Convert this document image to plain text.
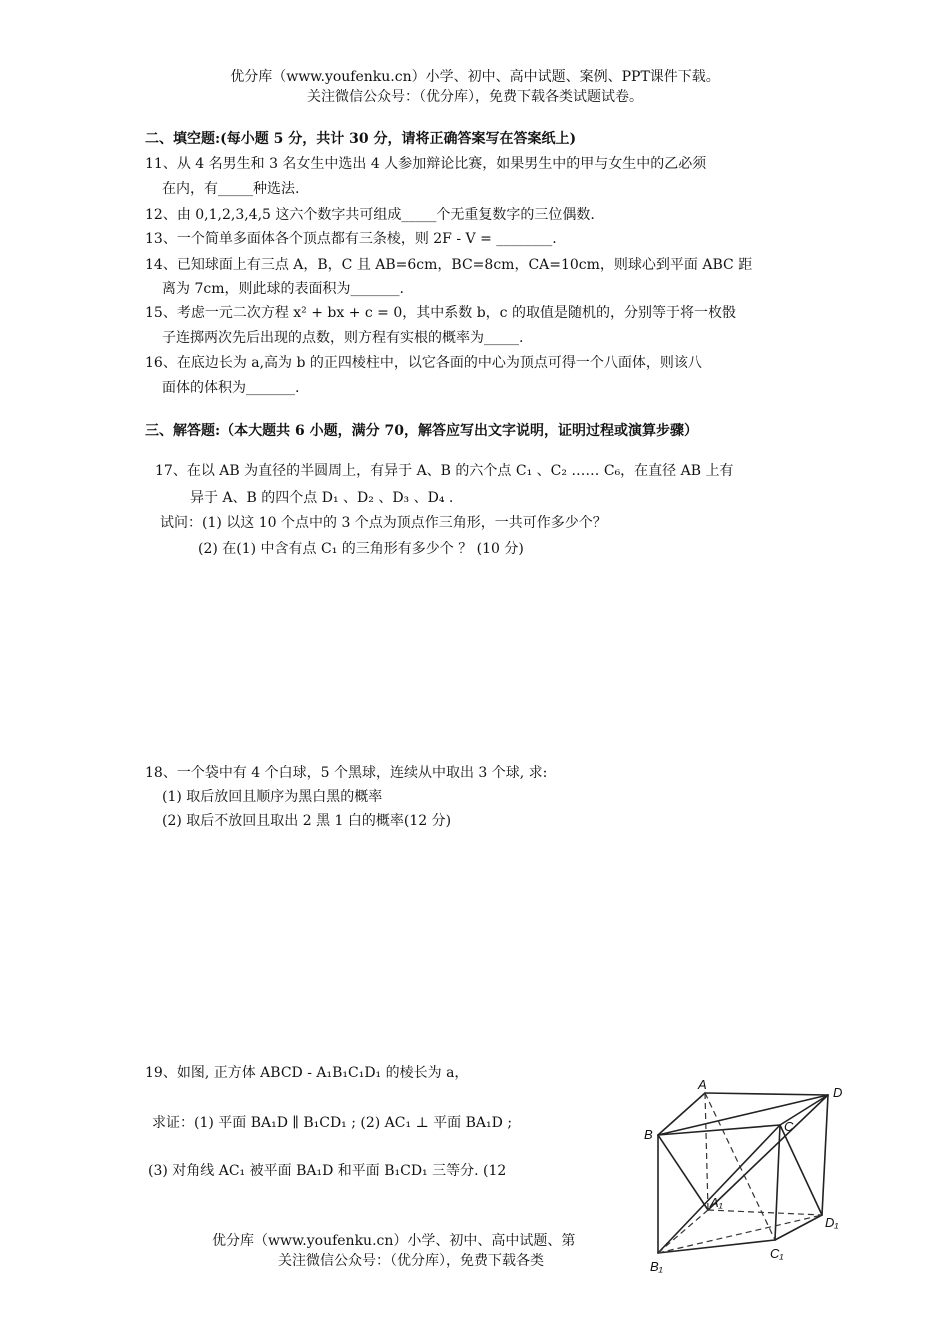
优分库（www.youfenku.cn）小学、初中、高中试题、案例、PPT课件下载。
关注微信公众号：（优分库），免费下载各类试题试卷。
二、填空题:(每小题 5 分，共计 30 分，请将正确答案写在答案纸上)
11、从 4 名男生和 3 名女生中选出 4 人参加辩论比赛，如果男生中的甲与女生中的乙必须
在内，有_____种选法.
12、由 0,1,2,3,4,5 这六个数字共可组成_____个无重复数字的三位偶数.
13、一个简单多面体各个顶点都有三条棱，则 2F - V = ________.
14、已知球面上有三点 A，B，C 且 AB=6cm，BC=8cm，CA=10cm，则球心到平面 ABC 距
离为 7cm，则此球的表面积为_______.
15、考虑一元二次方程 x² + bx + c = 0，其中系数 b，c 的取值是随机的，分别等于将一枚骰
子连掷两次先后出现的点数，则方程有实根的概率为_____.
16、在底边长为 a,高为 b 的正四棱柱中，以它各面的中心为顶点可得一个八面体，则该八
面体的体积为_______.
三、解答题:（本大题共 6 小题，满分 70，解答应写出文字说明，证明过程或演算步骤）
17、在以 AB 为直径的半圆周上，有异于 A、B 的六个点 C₁ 、C₂ …… C₆，在直径 AB 上有
异于 A、B 的四个点 D₁ 、D₂ 、D₃ 、D₄ .
试问：(1) 以这 10 个点中的 3 个点为顶点作三角形，一共可作多少个？
(2) 在(1) 中含有点 C₁ 的三角形有多少个 ？ (10 分)
18、一个袋中有 4 个白球，5 个黑球，连续从中取出 3 个球, 求:
(1) 取后放回且顺序为黑白黑的概率
(2) 取后不放回且取出 2 黑 1 白的概率(12 分)
19、如图, 正方体 ABCD - A₁B₁C₁D₁ 的棱长为 a，
求证：(1) 平面 BA₁D ∥ B₁CD₁ ; (2) AC₁ ⊥ 平面 BA₁D ;
(3) 对角线 AC₁ 被平面 BA₁D 和平面 B₁CD₁ 三等分. (12
优分库（www.youfenku.cn）小学、初中、高中试题、第
关注微信公众号：（优分库），免费下载各类
A
B
C
D
A₁
B₁
C₁
D₁
